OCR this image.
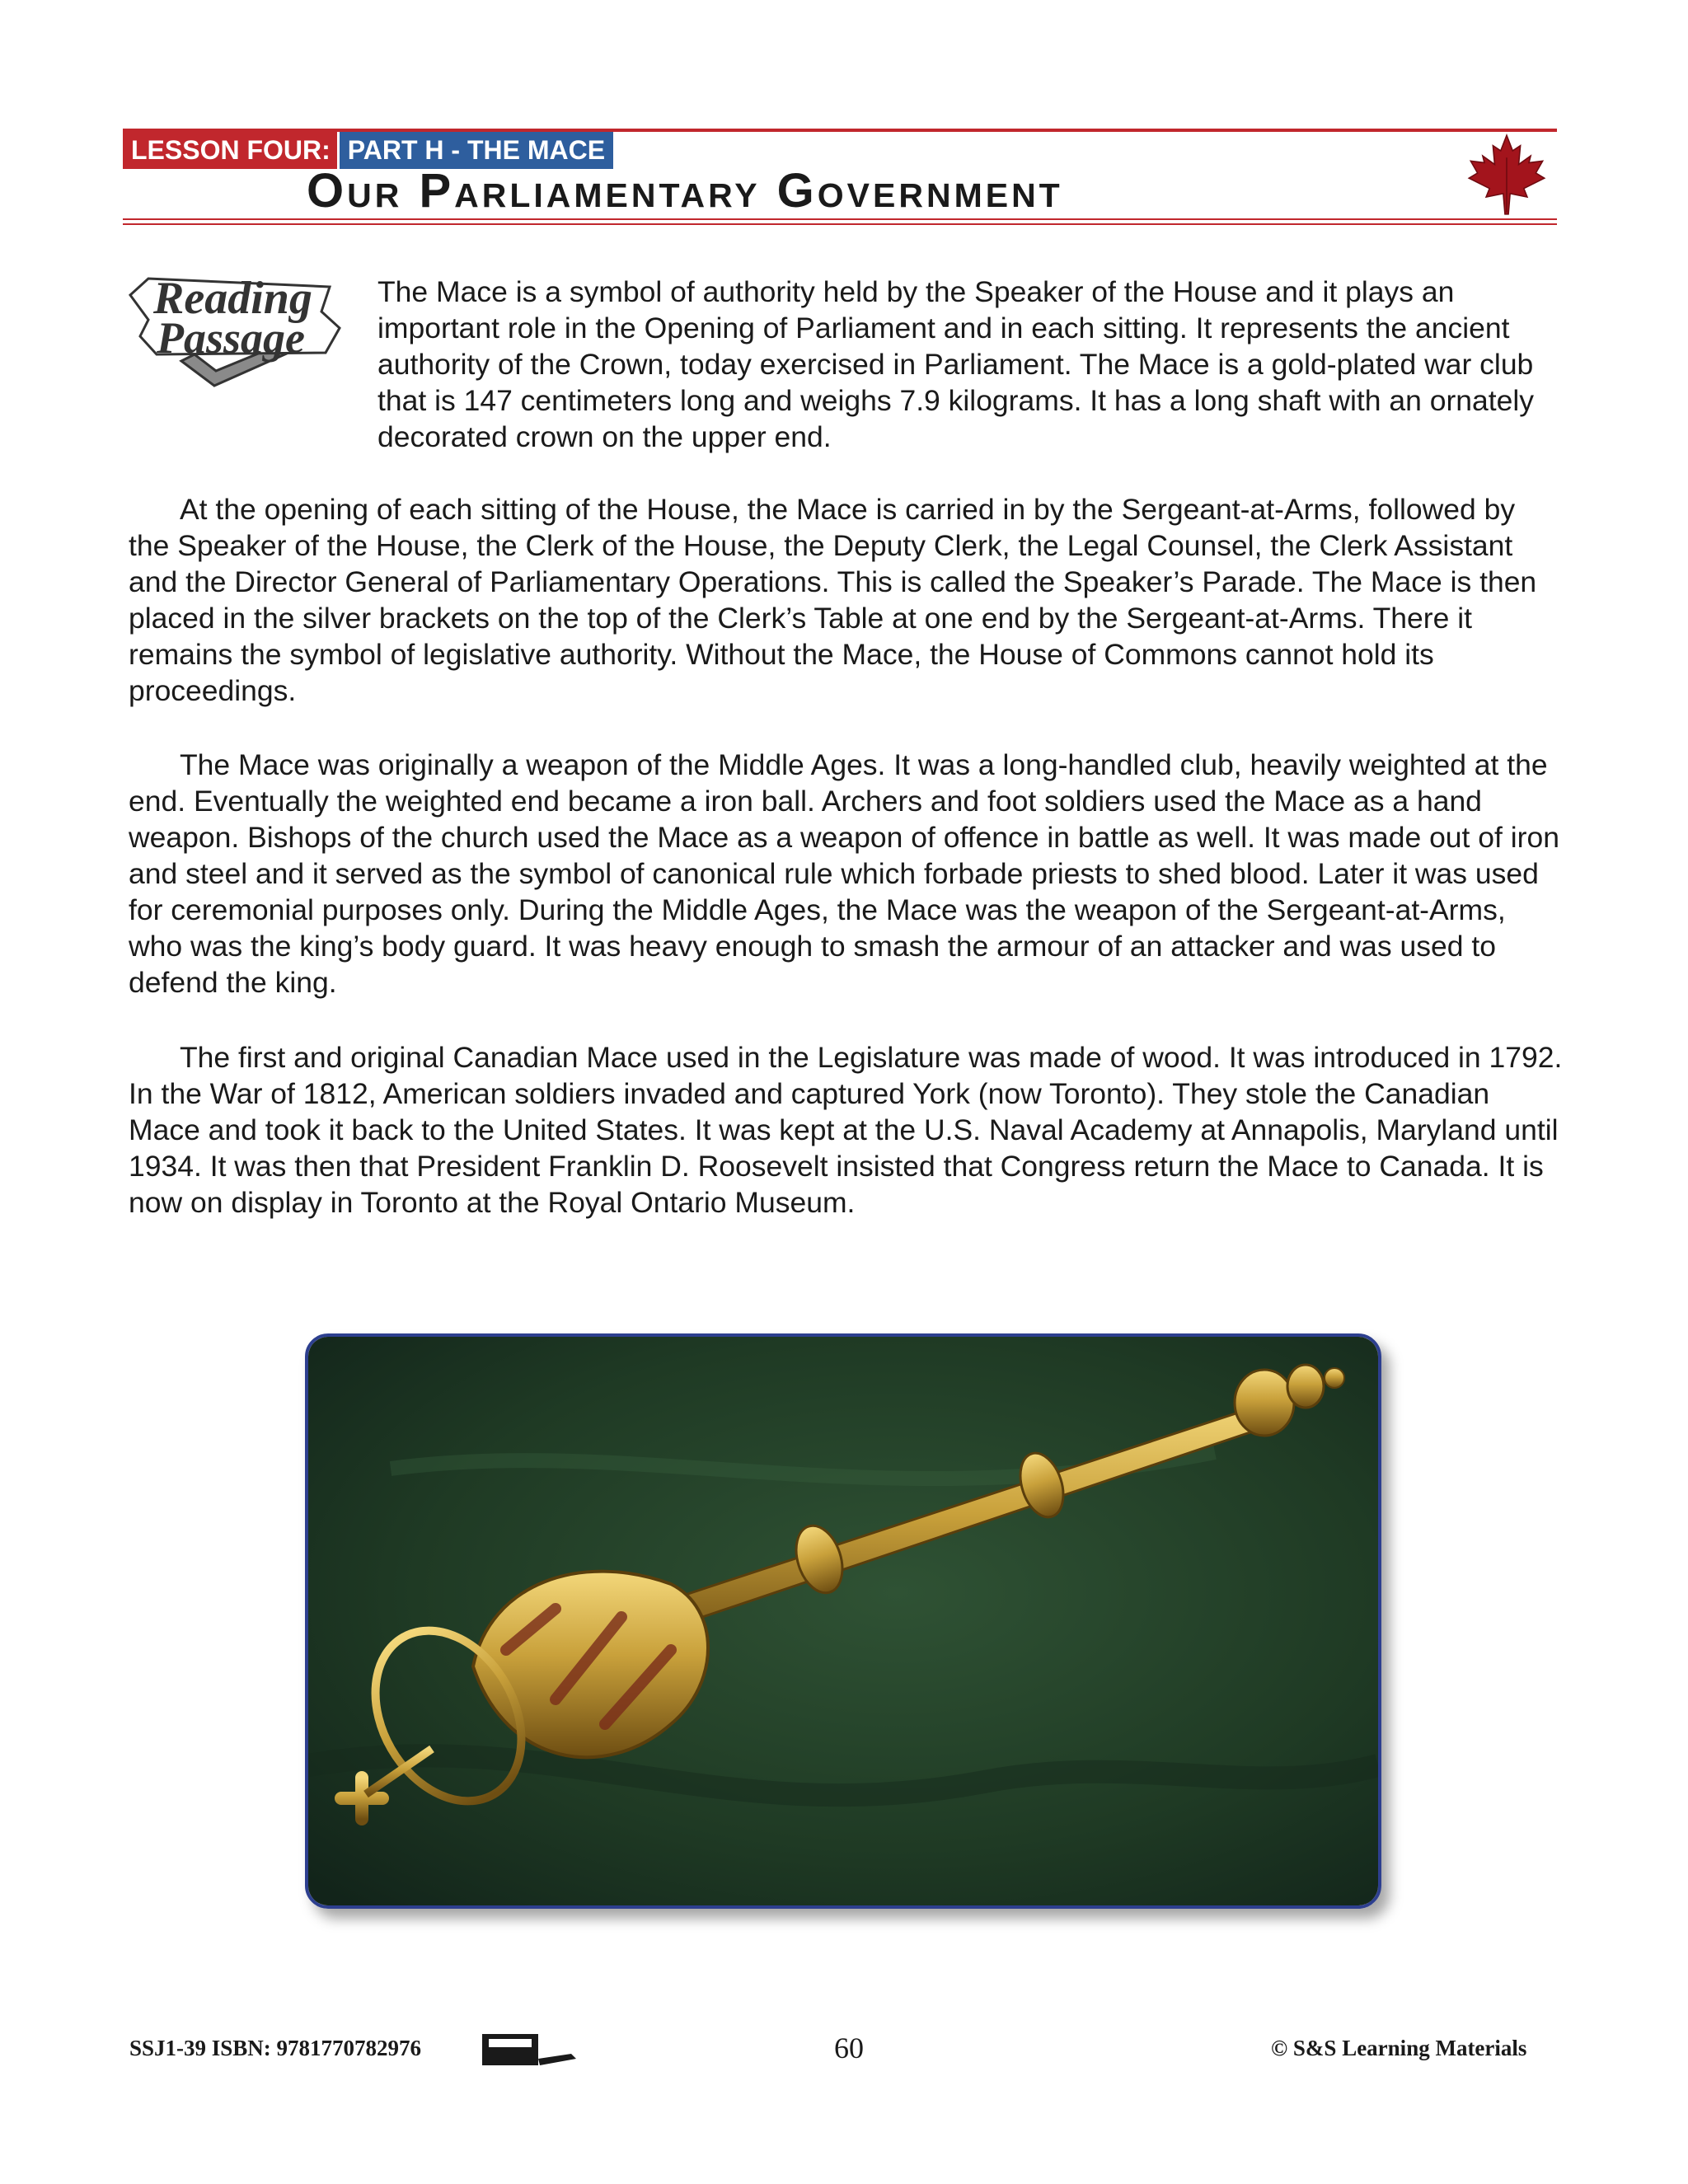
LESSON FOUR: PART H - THE MACE
Our Parliamentary Government
Reading
Passage

The Mace is a symbol of authority held by the Speaker of the House and it plays an important role in the Opening of Parliament and in each sitting. It represents the ancient authority of the Crown, today exercised in Parliament. The Mace is a gold-plated war club that is 147 centimeters long and weighs 7.9 kilograms. It has a long shaft with an ornately decorated crown on the upper end.

At the opening of each sitting of the House, the Mace is carried in by the Sergeant-at-Arms, followed by the Speaker of the House, the Clerk of the House, the Deputy Clerk, the Legal Counsel, the Clerk Assistant and the Director General of Parliamentary Operations. This is called the Speaker’s Parade. The Mace is then placed in the silver brackets on the top of the Clerk’s Table at one end by the Sergeant-at-Arms. There it remains the symbol of legislative authority. Without the Mace, the House of Commons cannot hold its proceedings.

The Mace was originally a weapon of the Middle Ages. It was a long-handled club, heavily weighted at the end. Eventually the weighted end became a iron ball. Archers and foot soldiers used the Mace as a hand weapon. Bishops of the church used the Mace as a weapon of offence in battle as well. It was made out of iron and steel and it served as the symbol of canonical rule which forbade priests to shed blood. Later it was used for ceremonial purposes only. During the Middle Ages, the Mace was the weapon of the Sergeant-at-Arms, who was the king’s body guard. It was heavy enough to smash the armour of an attacker and was used to defend the king.

The first and original Canadian Mace used in the Legislature was made of wood. It was introduced in 1792. In the War of 1812, American soldiers invaded and captured York (now Toronto). They stole the Canadian Mace and took it back to the United States. It was kept at the U.S. Naval Academy at Annapolis, Maryland until 1934. It was then that President Franklin D. Roosevelt insisted that Congress return the Mace to Canada. It is now on display in Toronto at the Royal Ontario Museum.

SSJ1-39 ISBN: 9781770782976	60	© S&S Learning Materials
